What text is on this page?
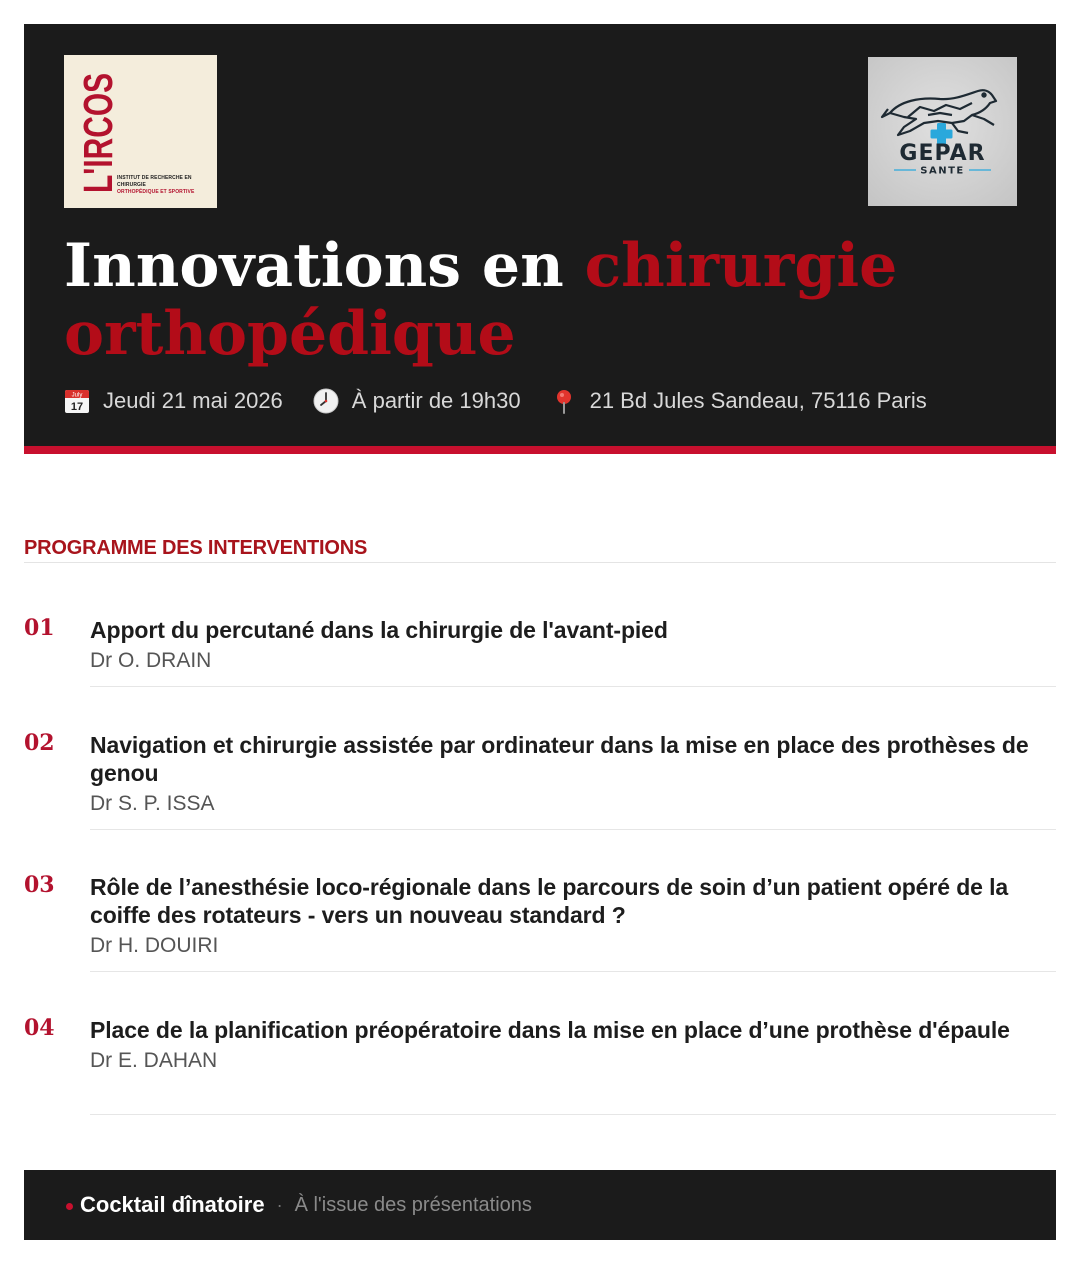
L'IRCOS
INSTITUT DE RECHERCHE EN CHIRURGIE
ORTHOPÉDIQUE ET SPORTIVE
GEPAR
SANTE
Innovations en chirurgie
orthopédique
July
17 Jeudi 21 mai 2026	À partir de 19h30	21 Bd Jules Sandeau, 75116 Paris
PROGRAMME DES INTERVENTIONS
01 Apport du percutané dans la chirurgie de l'avant-pied
Dr O. DRAIN
02 Navigation et chirurgie assistée par ordinateur dans la mise en place des prothèses de genou
Dr S. P. ISSA
03 Rôle de l’anesthésie loco-régionale dans le parcours de soin d’un patient opéré de la coiffe des rotateurs - vers un nouveau standard ?
Dr H. DOUIRI
04 Place de la planification préopératoire dans la mise en place d’une prothèse d'épaule
Dr E. DAHAN
Cocktail dînatoire · À l'issue des présentations
